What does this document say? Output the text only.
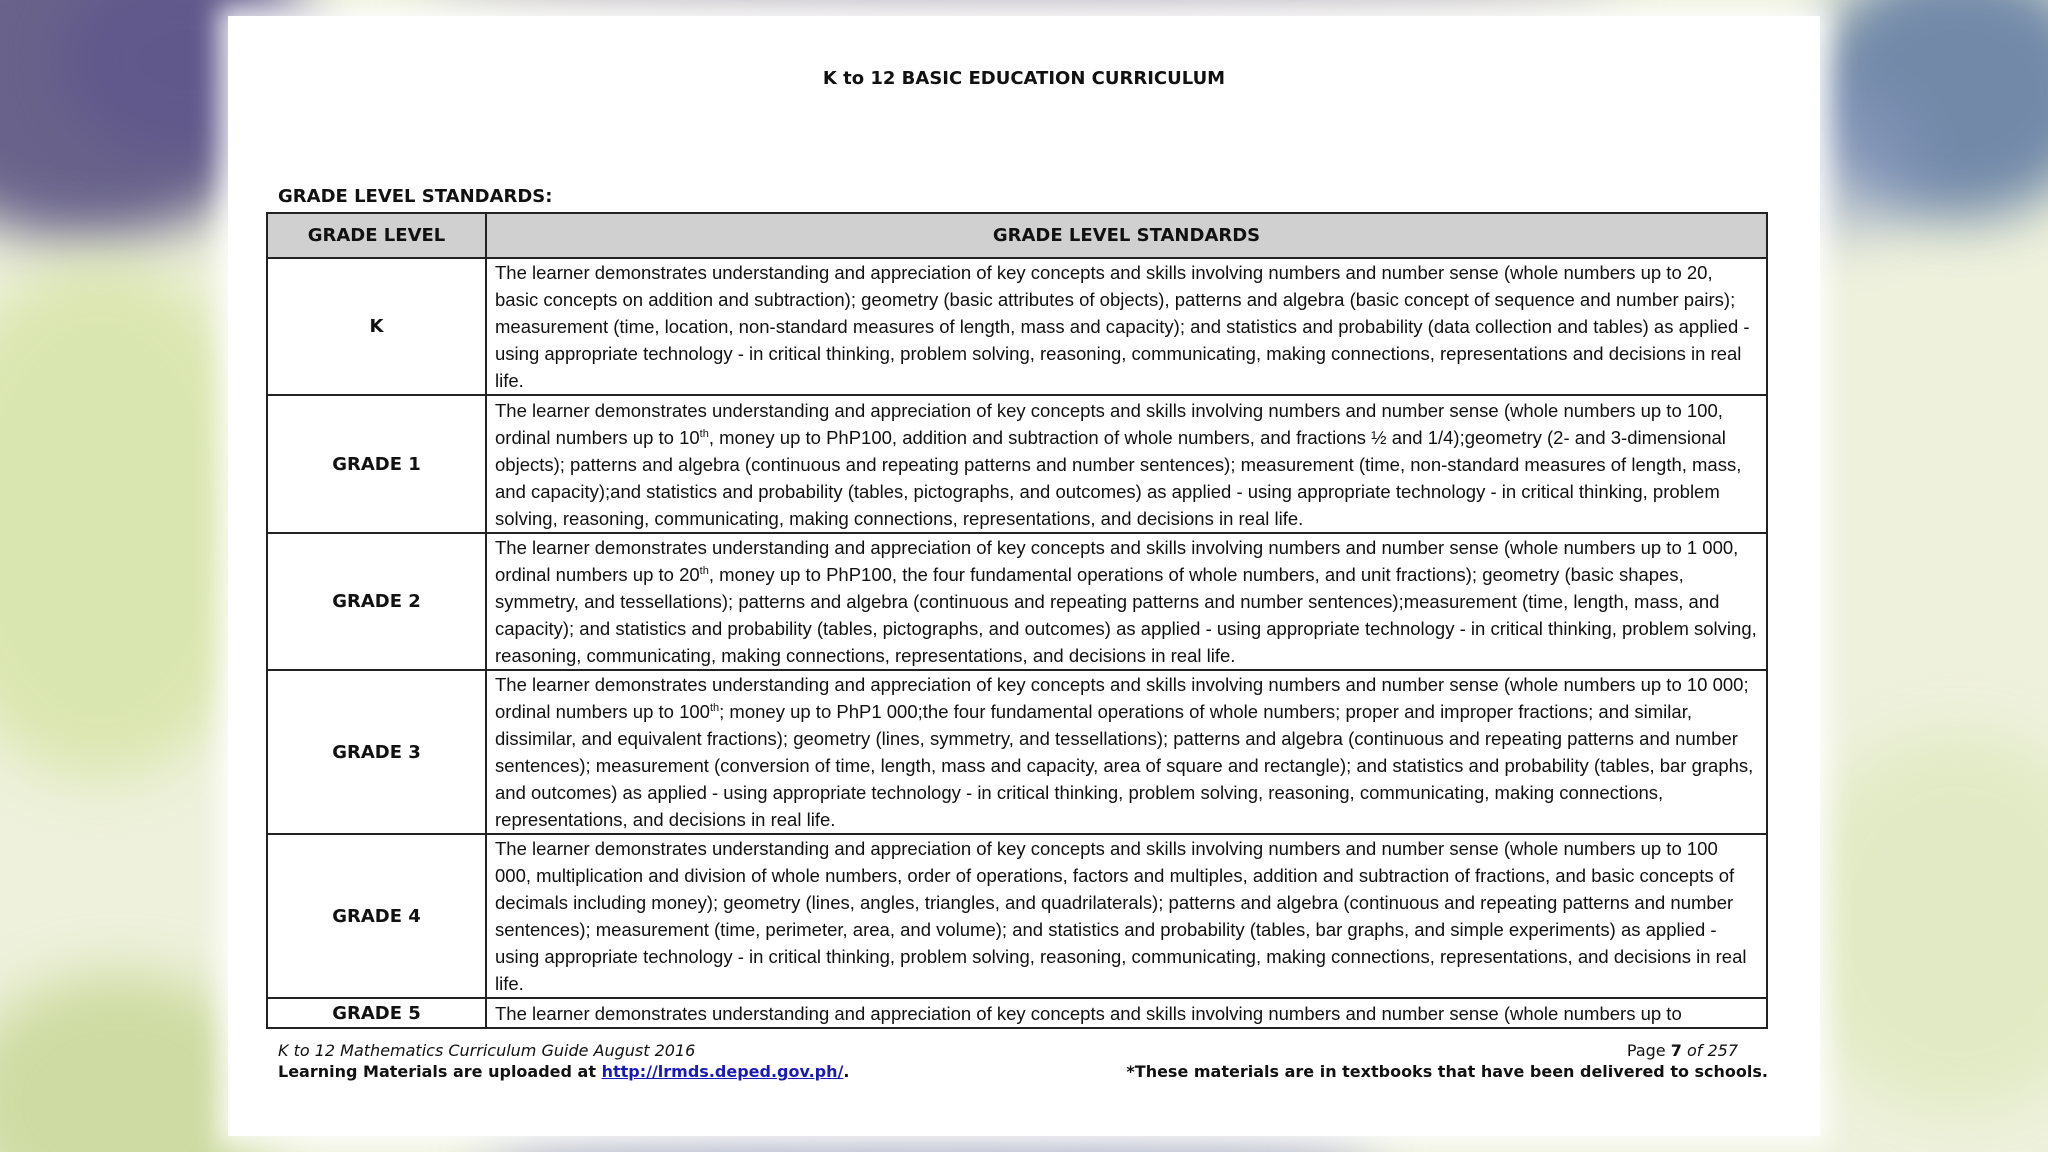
K to 12 BASIC EDUCATION CURRICULUM
GRADE LEVEL STANDARDS:
GRADE LEVEL	GRADE LEVEL STANDARDS
K	The learner demonstrates understanding and appreciation of key concepts and skills involving numbers and number sense (whole numbers up to 20, basic concepts on addition and subtraction); geometry (basic attributes of objects), patterns and algebra (basic concept of sequence and number pairs); measurement (time, location, non-standard measures of length, mass and capacity); and statistics and probability (data collection and tables) as applied - using appropriate technology - in critical thinking, problem solving, reasoning, communicating, making connections, representations and decisions in real life.
GRADE 1	The learner demonstrates understanding and appreciation of key concepts and skills involving numbers and number sense (whole numbers up to 100, ordinal numbers up to 10th, money up to PhP100, addition and subtraction of whole numbers, and fractions ½ and 1/4);geometry (2- and 3-dimensional objects); patterns and algebra (continuous and repeating patterns and number sentences); measurement (time, non-standard measures of length, mass, and capacity);and statistics and probability (tables, pictographs, and outcomes) as applied - using appropriate technology - in critical thinking, problem solving, reasoning, communicating, making connections, representations, and decisions in real life.
GRADE 2	The learner demonstrates understanding and appreciation of key concepts and skills involving numbers and number sense (whole numbers up to 1 000, ordinal numbers up to 20th, money up to PhP100, the four fundamental operations of whole numbers, and unit fractions); geometry (basic shapes, symmetry, and tessellations); patterns and algebra (continuous and repeating patterns and number sentences);measurement (time, length, mass, and capacity); and statistics and probability (tables, pictographs, and outcomes) as applied - using appropriate technology - in critical thinking, problem solving, reasoning, communicating, making connections, representations, and decisions in real life.
GRADE 3	The learner demonstrates understanding and appreciation of key concepts and skills involving numbers and number sense (whole numbers up to 10 000; ordinal numbers up to 100th; money up to PhP1 000;the four fundamental operations of whole numbers; proper and improper fractions; and similar, dissimilar, and equivalent fractions); geometry (lines, symmetry, and tessellations); patterns and algebra (continuous and repeating patterns and number sentences); measurement (conversion of time, length, mass and capacity, area of square and rectangle); and statistics and probability (tables, bar graphs, and outcomes) as applied - using appropriate technology - in critical thinking, problem solving, reasoning, communicating, making connections, representations, and decisions in real life.
GRADE 4	The learner demonstrates understanding and appreciation of key concepts and skills involving numbers and number sense (whole numbers up to 100 000, multiplication and division of whole numbers, order of operations, factors and multiples, addition and subtraction of fractions, and basic concepts of decimals including money); geometry (lines, angles, triangles, and quadrilaterals); patterns and algebra (continuous and repeating patterns and number sentences); measurement (time, perimeter, area, and volume); and statistics and probability (tables, bar graphs, and simple experiments) as applied - using appropriate technology - in critical thinking, problem solving, reasoning, communicating, making connections, representations, and decisions in real life.
GRADE 5	The learner demonstrates understanding and appreciation of key concepts and skills involving numbers and number sense (whole numbers up to
K to 12 Mathematics Curriculum Guide August 2016
Learning Materials are uploaded at http://lrmds.deped.gov.ph/.
Page 7 of 257
*These materials are in textbooks that have been delivered to schools.
